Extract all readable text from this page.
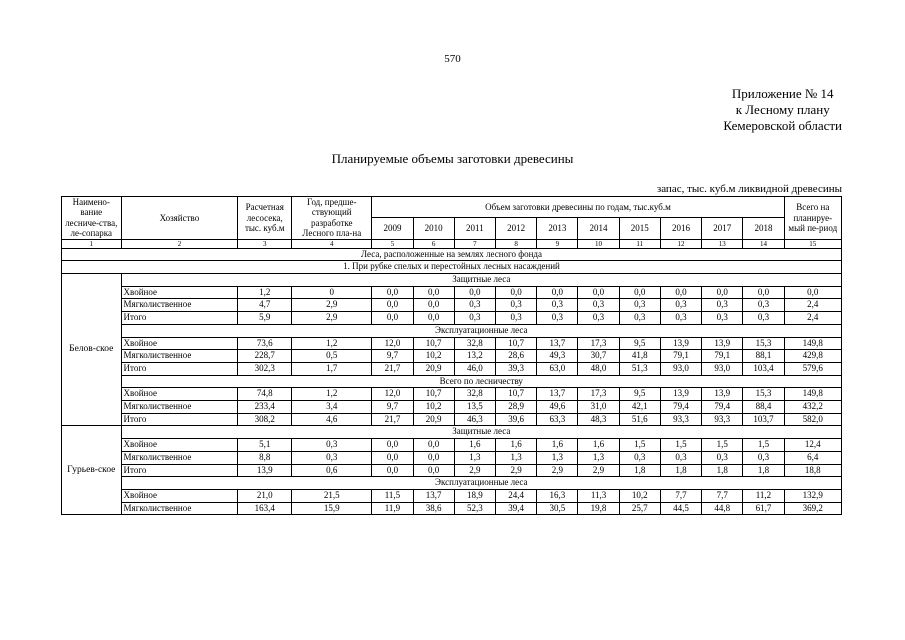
570
Приложение № 14
к Лесному плану
Кемеровской области
Планируемые объемы заготовки древесины
запас, тыс. куб.м ликвидной древесины
Наимено-вание лесниче-ства, ле-сопарка	Хозяйство	Расчетная лесосека, тыс. куб.м	Год, предше-ствующий разработке Лесного пла-на	Объем заготовки древесины по годам, тыс.куб.м										Всего на планируе-мый пе-риод
				2009	2010	2011	2012	2013	2014	2015	2016	2017	2018	
1	2	3	4	5	6	7	8	9	10	11	12	13	14	15
Леса, расположенные на землях лесного фонда														
1. При рубке спелых и перестойных лесных насаждений														
Белов-ское	Защитные леса													
	Хвойное	1,2	0	0,0	0,0	0,0	0,0	0,0	0,0	0,0	0,0	0,0	0,0	0,0
	Мягколиственное	4,7	2,9	0,0	0,0	0,3	0,3	0,3	0,3	0,3	0,3	0,3	0,3	2,4
	Итого	5,9	2,9	0,0	0,0	0,3	0,3	0,3	0,3	0,3	0,3	0,3	0,3	2,4
	Эксплуатационные леса													
	Хвойное	73,6	1,2	12,0	10,7	32,8	10,7	13,7	17,3	9,5	13,9	13,9	15,3	149,8
	Мягколиственное	228,7	0,5	9,7	10,2	13,2	28,6	49,3	30,7	41,8	79,1	79,1	88,1	429,8
	Итого	302,3	1,7	21,7	20,9	46,0	39,3	63,0	48,0	51,3	93,0	93,0	103,4	579,6
	Всего по лесничеству													
	Хвойное	74,8	1,2	12,0	10,7	32,8	10,7	13,7	17,3	9,5	13,9	13,9	15,3	149,8
	Мягколиственное	233,4	3,4	9,7	10,2	13,5	28,9	49,6	31,0	42,1	79,4	79,4	88,4	432,2
	Итого	308,2	4,6	21,7	20,9	46,3	39,6	63,3	48,3	51,6	93,3	93,3	103,7	582,0
Гурьев-ское	Защитные леса													
	Хвойное	5,1	0,3	0,0	0,0	1,6	1,6	1,6	1,6	1,5	1,5	1,5	1,5	12,4
	Мягколиственное	8,8	0,3	0,0	0,0	1,3	1,3	1,3	1,3	0,3	0,3	0,3	0,3	6,4
	Итого	13,9	0,6	0,0	0,0	2,9	2,9	2,9	2,9	1,8	1,8	1,8	1,8	18,8
	Эксплуатационные леса													
	Хвойное	21,0	21,5	11,5	13,7	18,9	24,4	16,3	11,3	10,2	7,7	7,7	11,2	132,9
	Мягколиственное	163,4	15,9	11,9	38,6	52,3	39,4	30,5	19,8	25,7	44,5	44,8	61,7	369,2
